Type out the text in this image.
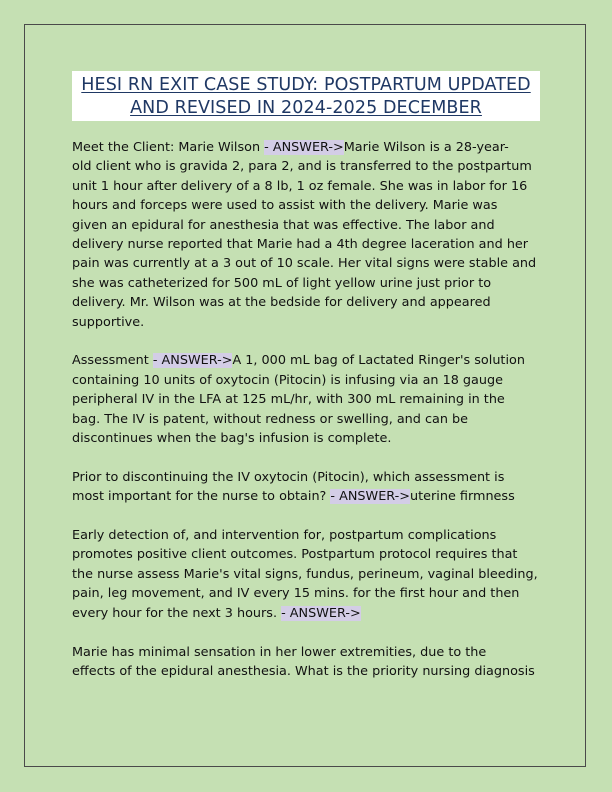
HESI RN EXIT CASE STUDY: POSTPARTUM UPDATED
AND REVISED IN 2024-2025 DECEMBER
Meet the Client: Marie Wilson - ANSWER->Marie Wilson is a 28-year-
old client who is gravida 2, para 2, and is transferred to the postpartum
unit 1 hour after delivery of a 8 lb, 1 oz female. She was in labor for 16
hours and forceps were used to assist with the delivery. Marie was
given an epidural for anesthesia that was effective. The labor and
delivery nurse reported that Marie had a 4th degree laceration and her
pain was currently at a 3 out of 10 scale. Her vital signs were stable and
she was catheterized for 500 mL of light yellow urine just prior to
delivery. Mr. Wilson was at the bedside for delivery and appeared
supportive.
Assessment - ANSWER->A 1, 000 mL bag of Lactated Ringer's solution
containing 10 units of oxytocin (Pitocin) is infusing via an 18 gauge
peripheral IV in the LFA at 125 mL/hr, with 300 mL remaining in the
bag. The IV is patent, without redness or swelling, and can be
discontinues when the bag's infusion is complete.
Prior to discontinuing the IV oxytocin (Pitocin), which assessment is
most important for the nurse to obtain? - ANSWER->uterine firmness
Early detection of, and intervention for, postpartum complications
promotes positive client outcomes. Postpartum protocol requires that
the nurse assess Marie's vital signs, fundus, perineum, vaginal bleeding,
pain, leg movement, and IV every 15 mins. for the first hour and then
every hour for the next 3 hours. - ANSWER->
Marie has minimal sensation in her lower extremities, due to the
effects of the epidural anesthesia. What is the priority nursing diagnosis
